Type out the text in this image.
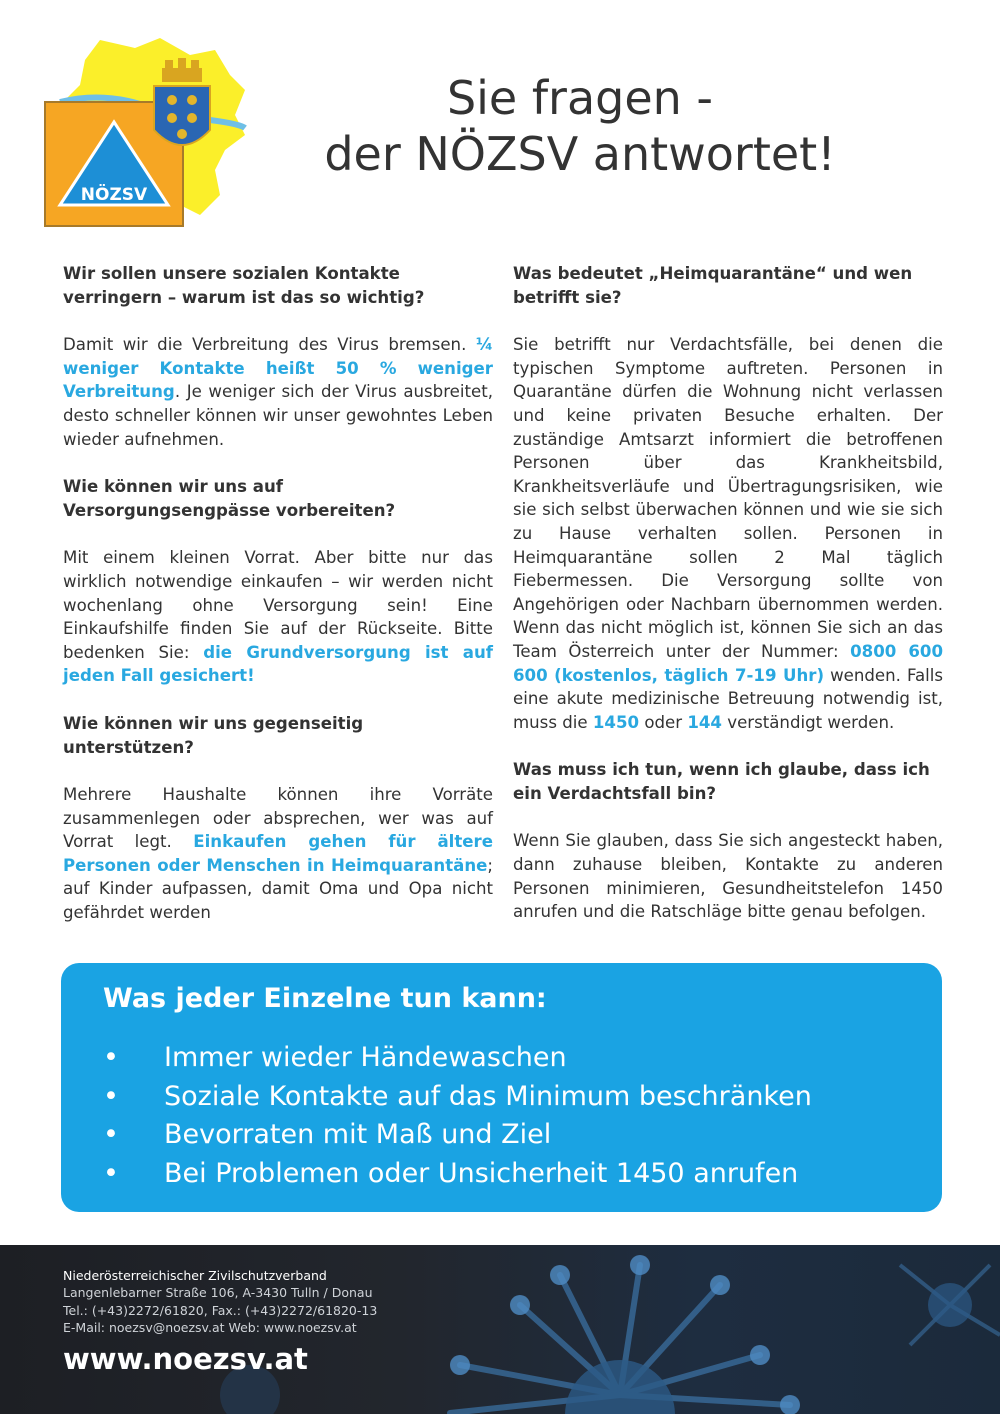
NÖZSV
Sie fragen -
der NÖZSV antwortet!
Wir sollen unsere sozialen Kontakte verringern – warum ist das so wichtig?

Damit wir die Verbreitung des Virus bremsen. ¼ weniger Kontakte heißt 50 % weniger Verbreitung. Je weniger sich der Virus ausbreitet, desto schneller können wir unser gewohntes Leben wieder aufnehmen.

Wie können wir uns auf Versorgungsengpässe vorbereiten?

Mit einem kleinen Vorrat. Aber bitte nur das wirklich notwendige einkaufen – wir werden nicht wochenlang ohne Versorgung sein! Eine Einkaufshilfe finden Sie auf der Rückseite. Bitte bedenken Sie: die Grundversorgung ist auf jeden Fall gesichert!

Wie können wir uns gegenseitig unterstützen?

Mehrere Haushalte können ihre Vorräte zusammenlegen oder absprechen, wer was auf Vorrat legt. Einkaufen gehen für ältere Personen oder Menschen in Heimquarantäne; auf Kinder aufpassen, damit Oma und Opa nicht gefährdet werden

Was bedeutet „Heimquarantäne“ und wen betrifft sie?

Sie betrifft nur Verdachtsfälle, bei denen die typischen Symptome auftreten. Personen in Quarantäne dürfen die Wohnung nicht verlassen und keine privaten Besuche erhalten. Der zuständige Amtsarzt informiert die betroffenen Personen über das Krankheitsbild, Krankheitsverläufe und Übertragungsrisiken, wie sie sich selbst überwachen können und wie sie sich zu Hause verhalten sollen. Personen in Heimquarantäne sollen 2 Mal täglich Fiebermessen. Die Versorgung sollte von Angehörigen oder Nachbarn übernommen werden. Wenn das nicht möglich ist, können Sie sich an das Team Österreich unter der Nummer: 0800 600 600 (kostenlos, täglich 7-19 Uhr) wenden. Falls eine akute medizinische Betreuung notwendig ist, muss die 1450 oder 144 verständigt werden.

Was muss ich tun, wenn ich glaube, dass ich ein Verdachtsfall bin?

Wenn Sie glauben, dass Sie sich angesteckt haben, dann zuhause bleiben, Kontakte zu anderen Personen minimieren, Gesundheitstelefon 1450 anrufen und die Ratschläge bitte genau befolgen.

Was jeder Einzelne tun kann:
•	Immer wieder Händewaschen
•	Soziale Kontakte auf das Minimum beschränken
•	Bevorraten mit Maß und Ziel
•	Bei Problemen oder Unsicherheit 1450 anrufen
Niederösterreichischer Zivilschutzverband
Langenlebarner Straße 106, A-3430 Tulln / Donau
Tel.: (+43)2272/61820, Fax.: (+43)2272/61820-13
E-Mail: noezsv@noezsv.at Web: www.noezsv.at
www.noezsv.at
